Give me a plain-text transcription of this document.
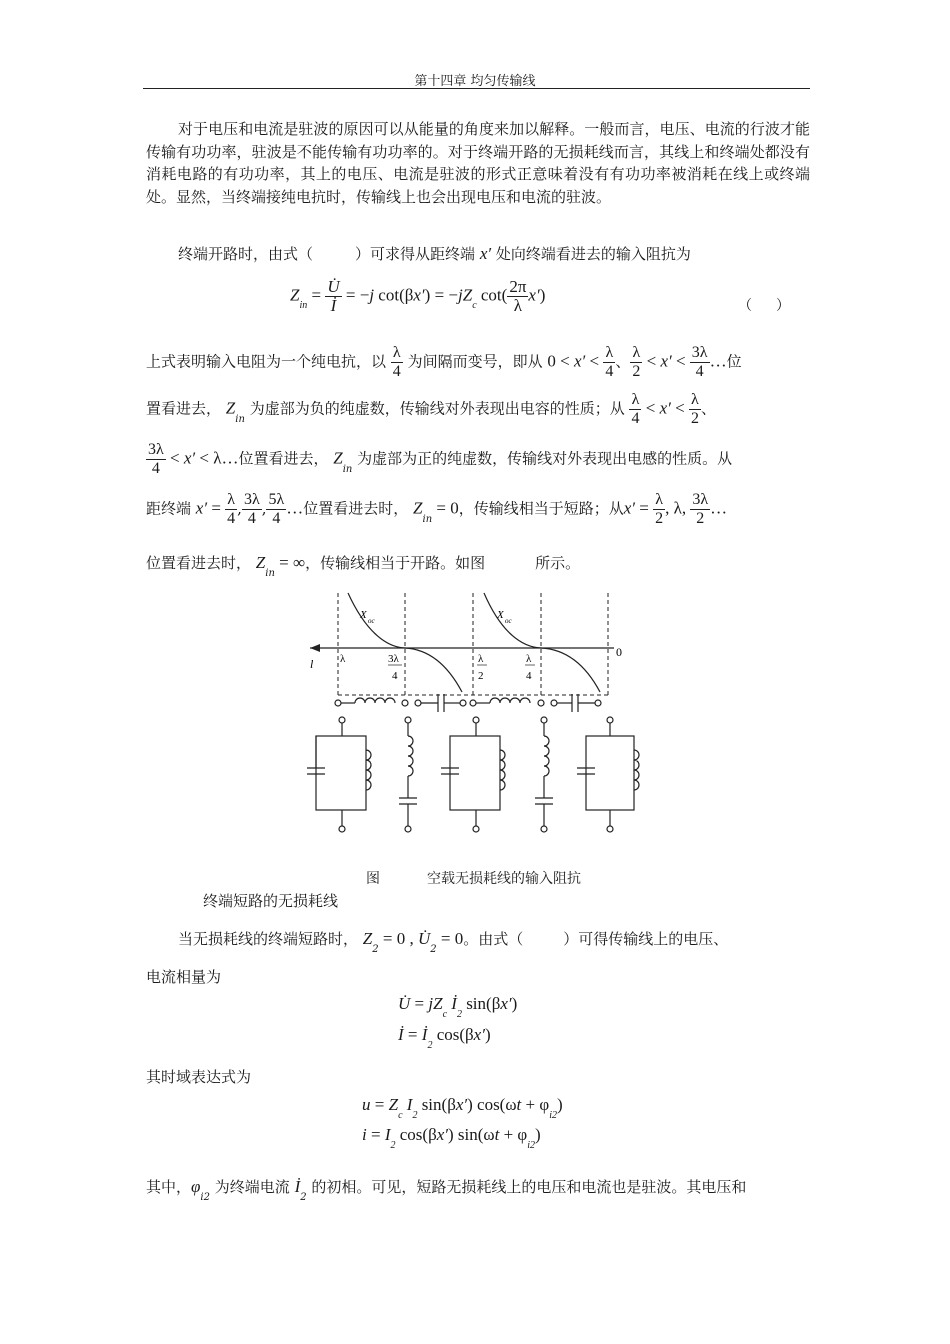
第十四章 均匀传输线
对于电压和电流是驻波的原因可以从能量的角度来加以解释。一般而言，电压、电流的行波才能传输有功功率，驻波是不能传输有功功率的。对于终端开路的无损耗线而言，其线上和终端处都没有消耗电路的有功功率，其上的电压、电流是驻波的形式正意味着没有有功功率被消耗在线上或终端处。显然，当终端接纯电抗时，传输线上也会出现电压和电流的驻波。
终端开路时，由式（	）可求得从距终端 x′ 处向终端看进去的输入阻抗为
$Z_{in} = \frac{U̇}{İ} = -j$ $\cot(\beta x') = -jZ_c$ $\cot( \frac{2\pi}{\lambda} x')$
（ ）
上式表明输入电阻为一个纯电抗，以 $\frac{\lambda}{4}$ 为间隔而变号，即从 $0 < x' < \frac{\lambda}{4}$ 、 $\frac{\lambda}{2} < x' < \frac{3\lambda}{4}$ …位
置看进去， $Z_{in}$ 为虚部为负的纯虚数，传输线对外表现出电容的性质；从 $\frac{\lambda}{4} < x' < \frac{\lambda}{2}$ 、
$\frac{3\lambda}{4} < x'$ < λ…位置看进去， $Z_{in}$ 为虚部为正的纯虚数，传输线对外表现出电感的性质。从
距终端 $x' = \frac{\lambda}{4}$ , $\frac{3\lambda}{4}$ , $\frac{5\lambda}{4}$ …位置看进去时， $Z_{in} = 0$，传输线相当于短路；从$x' = \frac{\lambda}{2}$ , λ, $\frac{3\lambda}{2}$ …
位置看进去时， $Z_{in}$ = ∞，传输线相当于开路。如图	所示。
l
0
X oc	X oc
λ	3λ
4
λ
2
λ
4
图	空载无损耗线的输入阻抗
终端短路的无损耗线
当无损耗线的终端短路时， $Z_2 = 0$ , $U̇_2 = 0$。由式（	）可得传输线上的电压、
电流相量为
U̇ = $jZ_c$ $İ_2$ sin(βx′)
İ = $İ_2$ cos(βx′)
其时域表达式为
$u = Z_c$ $I_2$ sin(βx′) $\cos(\omega t + \varphi_{i2})$
$i = I_2$ cos(βx′) $\sin(\omega t + \varphi_{i2})$
其中，$\varphi_{i2}$ 为终端电流 $İ_2$ 的初相。可见，短路无损耗线上的电压和电流也是驻波。其电压和
